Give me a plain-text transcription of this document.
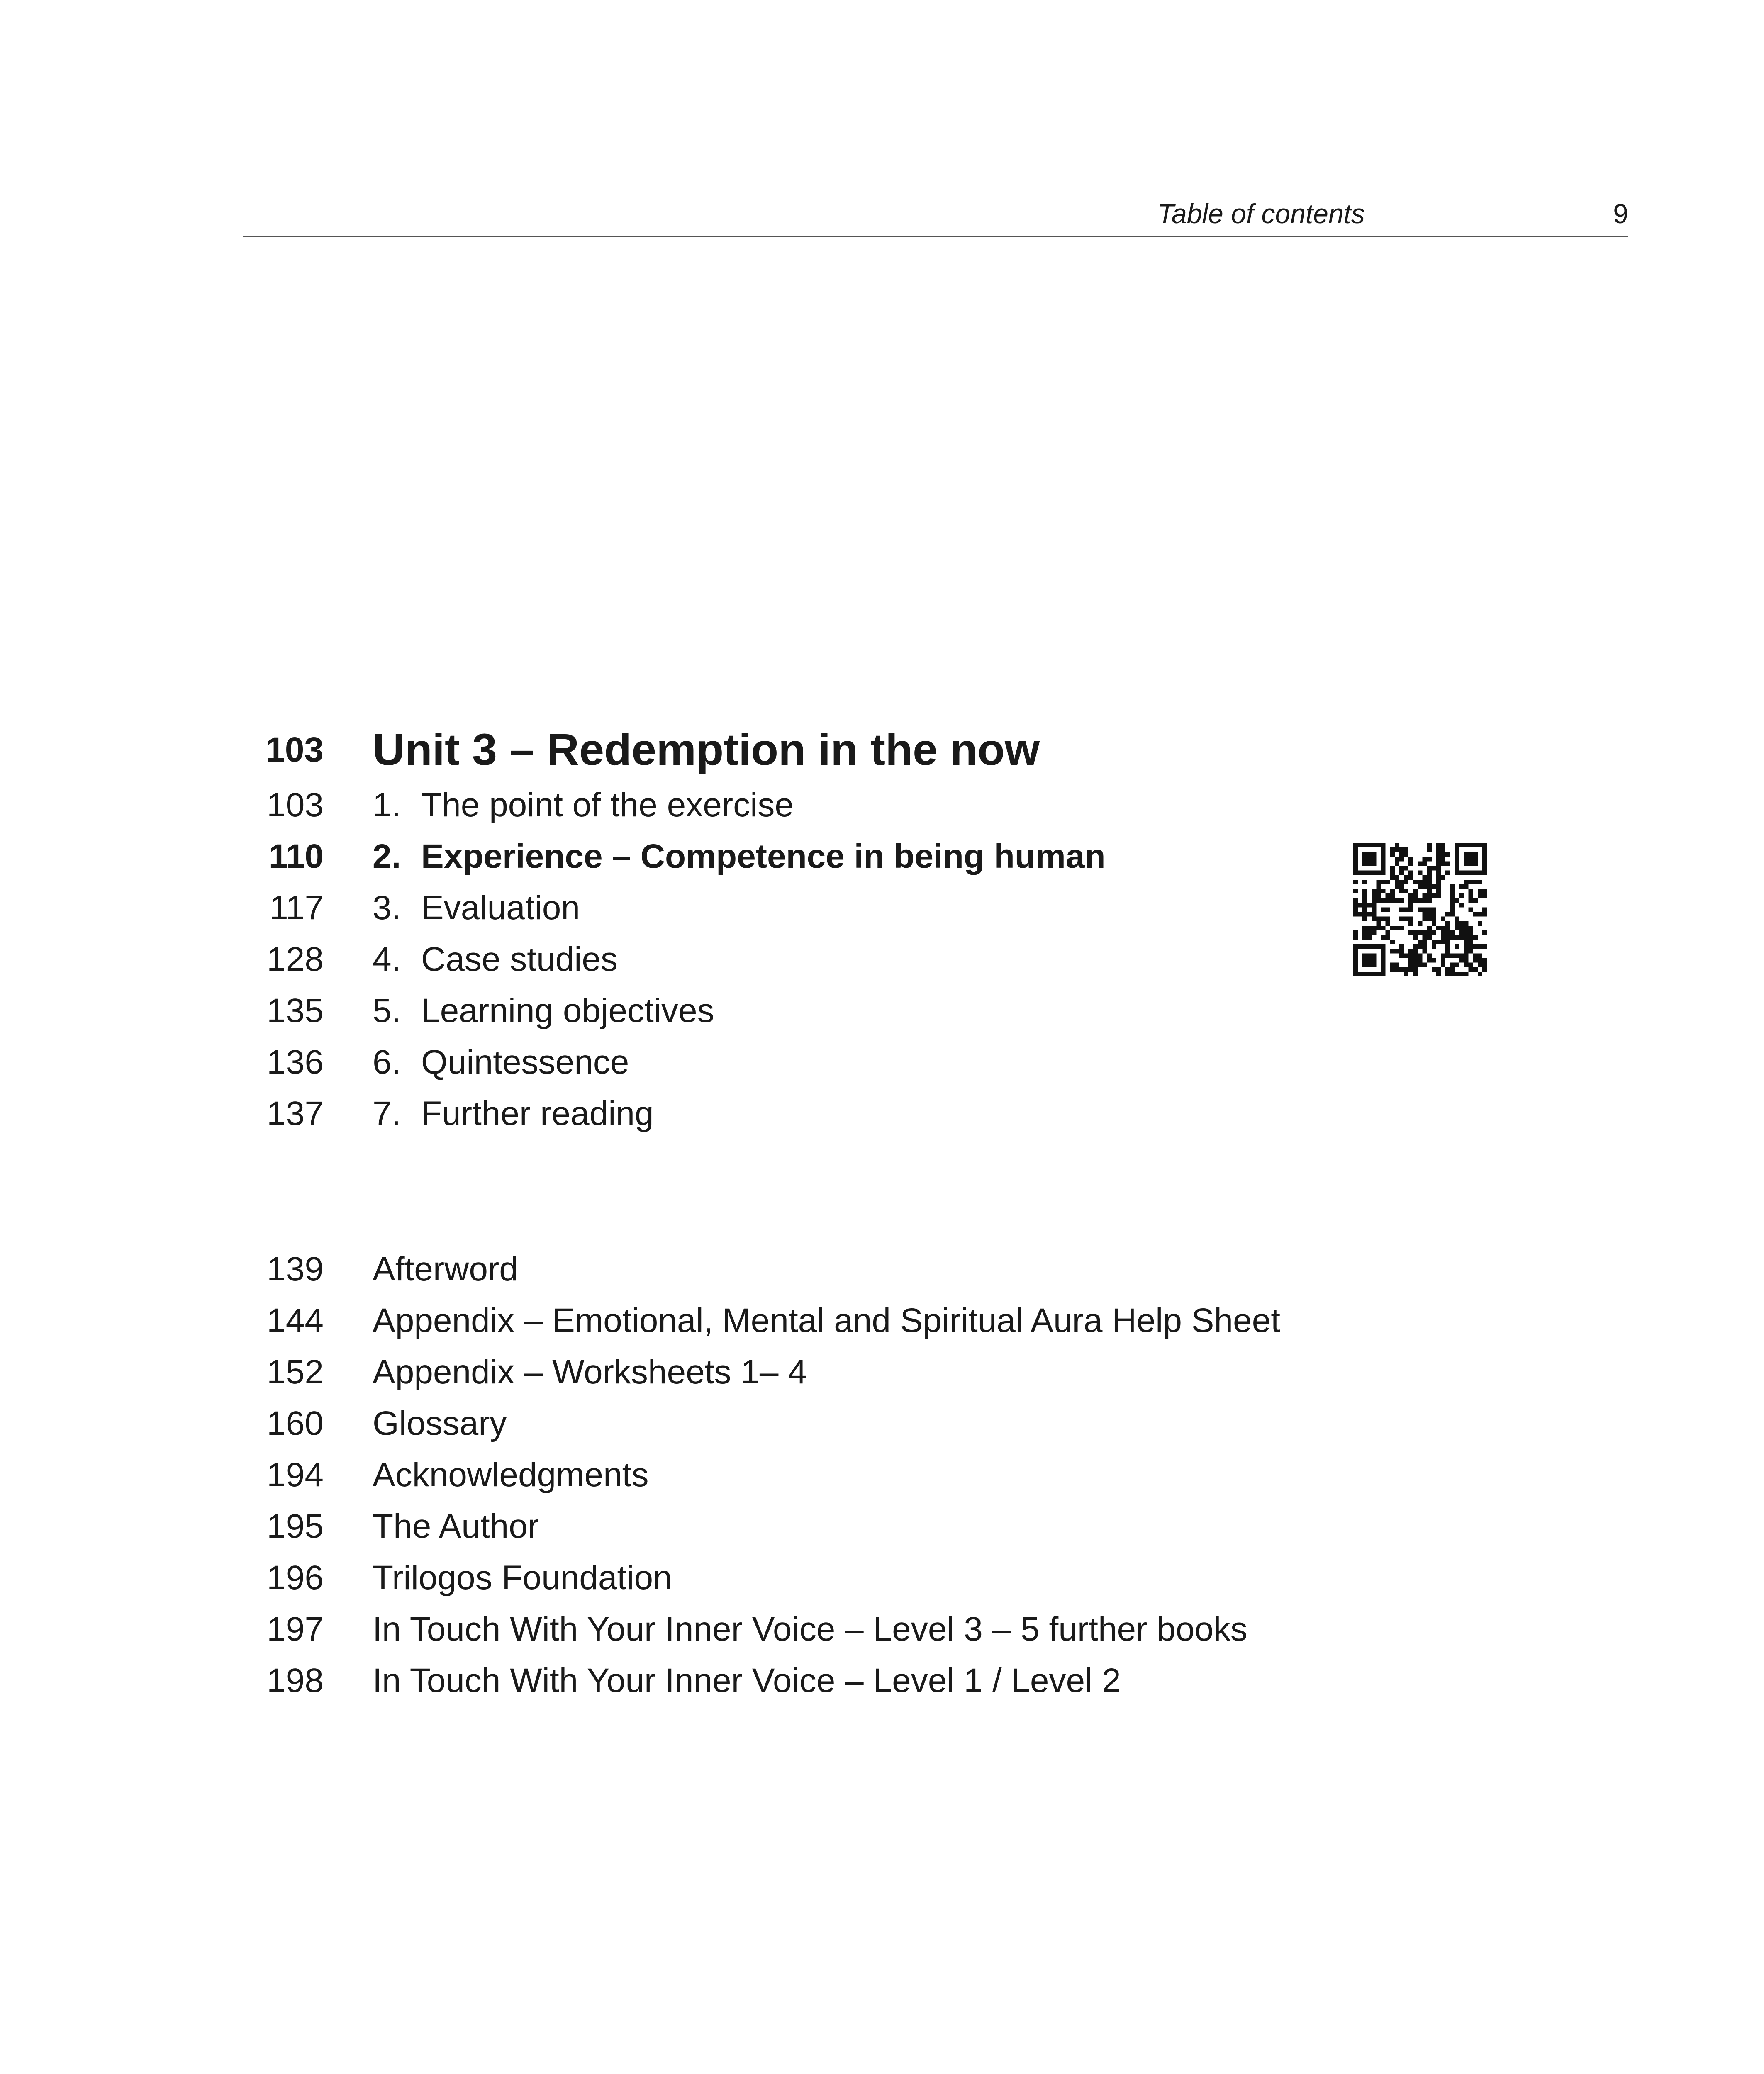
Table of contents	9
103 Unit 3 – Redemption in the now
103 1. The point of the exercise
110 2. Experience – Competence in being human
117 3. Evaluation
128 4. Case studies
135 5. Learning objectives
136 6. Quintessence
137 7. Further reading
139 Afterword
144 Appendix – Emotional, Mental and Spiritual Aura Help Sheet
152 Appendix – Worksheets 1– 4
160 Glossary
194 Acknowledgments
195 The Author
196 Trilogos Foundation
197 In Touch With Your Inner Voice – Level 3 – 5 further books
198 In Touch With Your Inner Voice – Level 1 / Level 2
